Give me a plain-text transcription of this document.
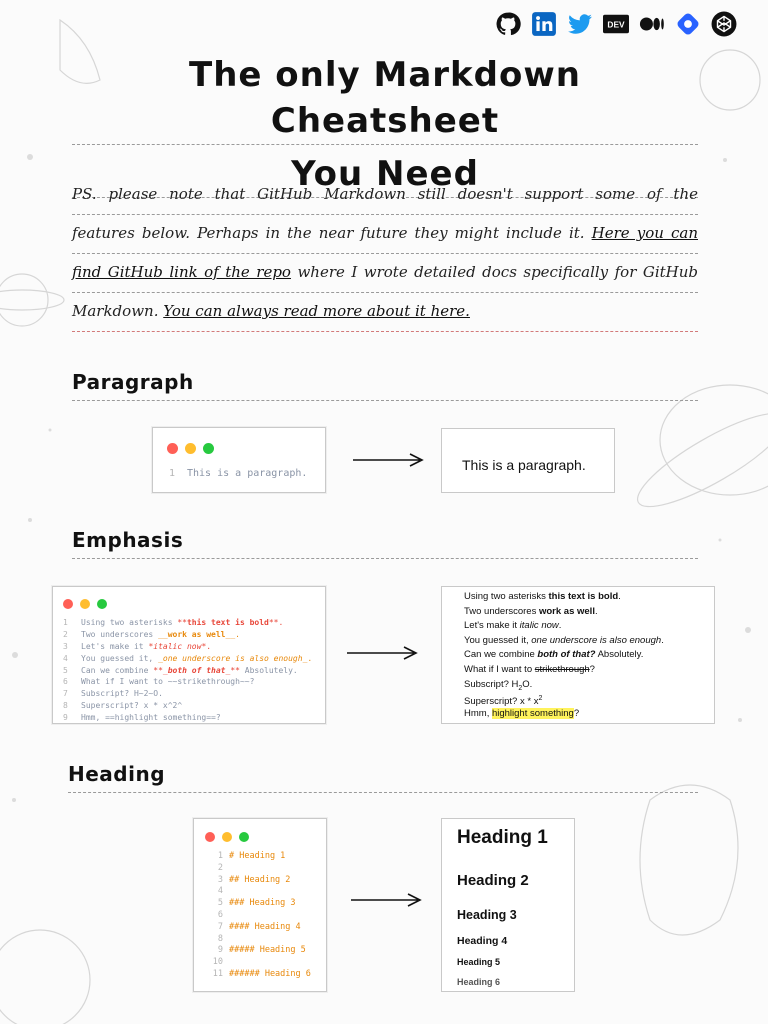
DEV
The only Markdown Cheatsheet
You Need
PS. please note that GitHub Markdown still doesn't support some of the
features below. Perhaps in the near future they might include it. Here you can
find GitHub link of the repo where I wrote detailed docs specifically for GitHub
Markdown. You can always read more about it here.
Paragraph
1 This is a paragraph.
This is a paragraph.
Emphasis
1 Using two asterisks **this text is bold**.
2 Two underscores __work as well__.
3 Let's make it *italic now*.
4 You guessed it, _one underscore is also enough_.
5 Can we combine **_both of that_** Absolutely.
6 What if I want to ~~strikethrough~~?
7 Subscript? H~2~O.
8 Superscript? x * x^2^
9 Hmm, ==highlight something==?
Using two asterisks this text is bold.
Two underscores work as well.
Let's make it italic now.
You guessed it, one underscore is also enough.
Can we combine both of that? Absolutely.
What if I want to strikethrough?
Subscript? $H_2O$.
Superscript? x * $x^2$
Hmm, highlight something?
Heading
1 # Heading 1
2
3 ## Heading 2
4
5 ### Heading 3
6
7 #### Heading 4
8
9 ##### Heading 5
10
11 ###### Heading 6
Heading 1
Heading 2
Heading 3
Heading 4
Heading 5
Heading 6
